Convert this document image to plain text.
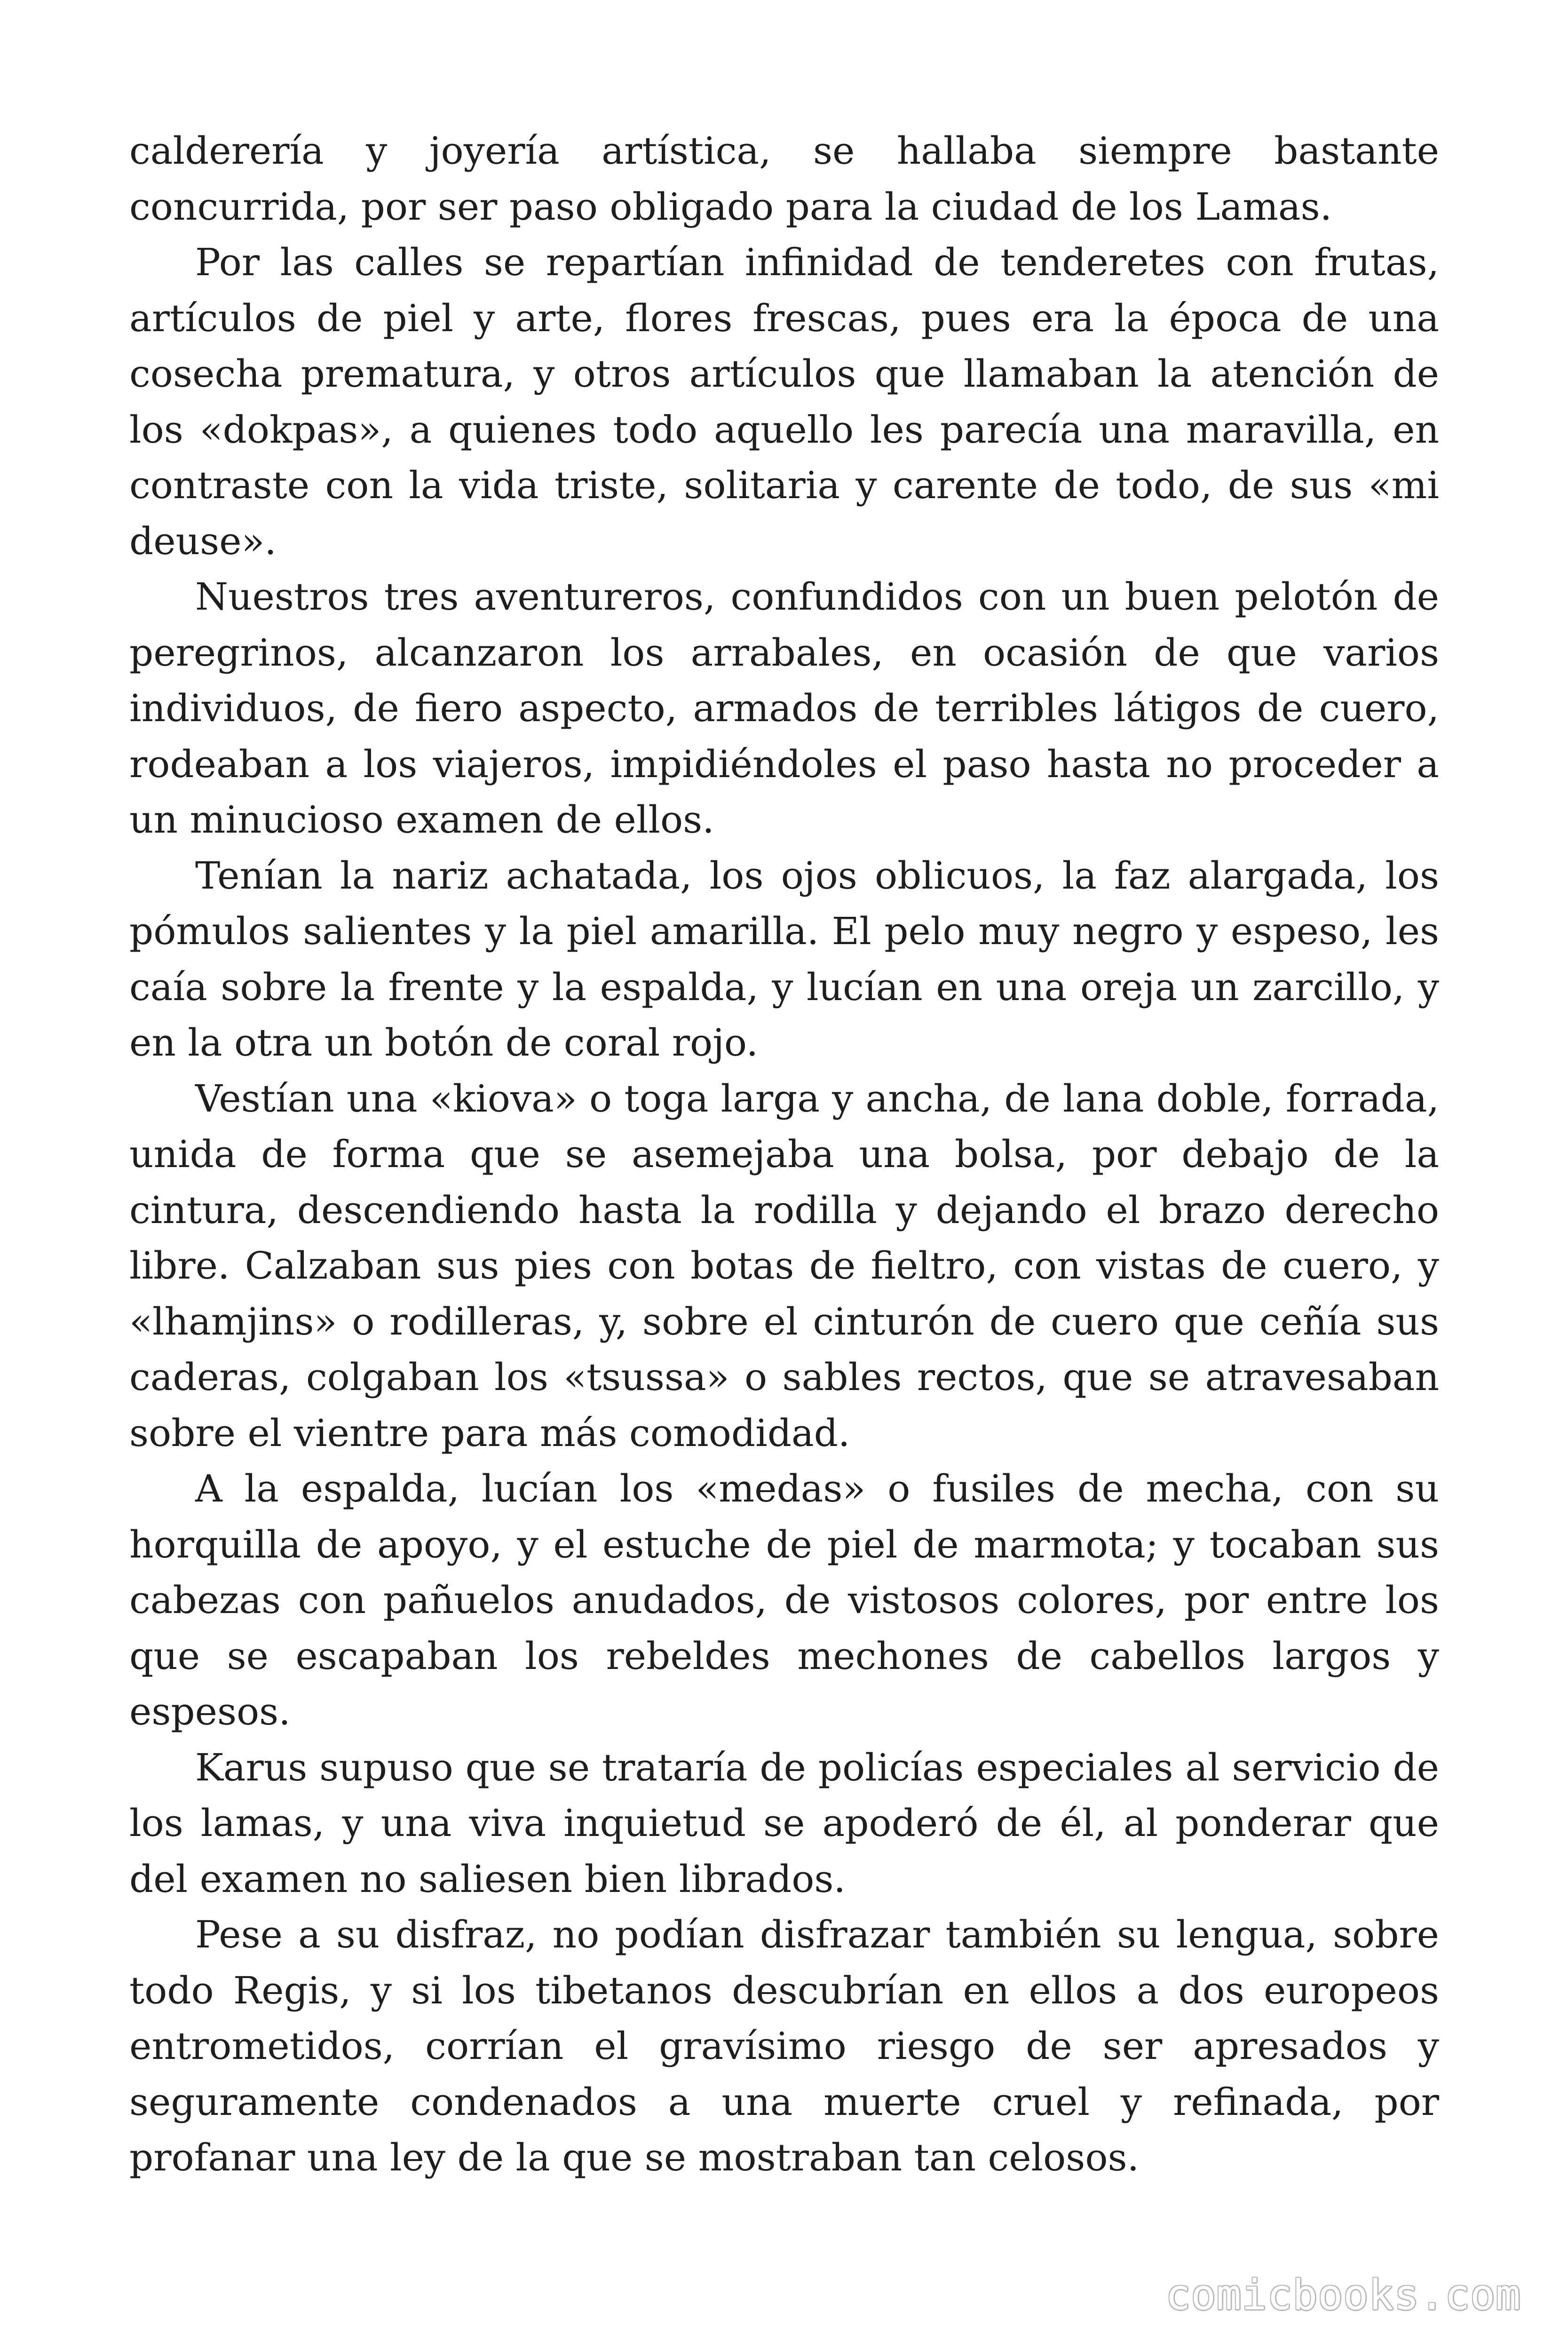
calderería y joyería artística, se hallaba siempre bastante concurrida, por ser paso obligado para la ciudad de los Lamas.

Por las calles se repartían infinidad de tenderetes con frutas, artículos de piel y arte, flores frescas, pues era la época de una cosecha prematura, y otros artículos que llamaban la atención de los «dokpas», a quienes todo aquello les parecía una maravilla, en contraste con la vida triste, solitaria y carente de todo, de sus «mi deuse».

Nuestros tres aventureros, confundidos con un buen pelotón de peregrinos, alcanzaron los arrabales, en ocasión de que varios individuos, de fiero aspecto, armados de terribles látigos de cuero, rodeaban a los viajeros, impidiéndoles el paso hasta no proceder a un minucioso examen de ellos.

Tenían la nariz achatada, los ojos oblicuos, la faz alargada, los pómulos salientes y la piel amarilla. El pelo muy negro y espeso, les caía sobre la frente y la espalda, y lucían en una oreja un zarcillo, y en la otra un botón de coral rojo.

Vestían una «kiova» o toga larga y ancha, de lana doble, forrada, unida de forma que se asemejaba una bolsa, por debajo de la cintura, descendiendo hasta la rodilla y dejando el brazo derecho libre. Calzaban sus pies con botas de fieltro, con vistas de cuero, y «lhamjins» o rodilleras, y, sobre el cinturón de cuero que ceñía sus caderas, colgaban los «tsussa» o sables rectos, que se atravesaban sobre el vientre para más comodidad.

A la espalda, lucían los «medas» o fusiles de mecha, con su horquilla de apoyo, y el estuche de piel de marmota; y tocaban sus cabezas con pañuelos anudados, de vistosos colores, por entre los que se escapaban los rebeldes mechones de cabellos largos y espesos.

Karus supuso que se trataría de policías especiales al servicio de los lamas, y una viva inquietud se apoderó de él, al ponderar que del examen no saliesen bien librados.

Pese a su disfraz, no podían disfrazar también su lengua, sobre todo Regis, y si los tibetanos descubrían en ellos a dos europeos entrometidos, corrían el gravísimo riesgo de ser apresados y seguramente condenados a una muerte cruel y refinada, por profanar una ley de la que se mostraban tan celosos.

comicbooks.com
